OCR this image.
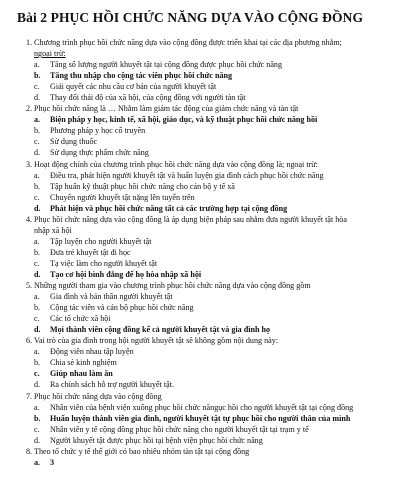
Bài 2 PHỤC HỒI CHỨC NĂNG DỰA VÀO CỘNG ĐỒNG
1. Chương trình phục hồi chức năng dựa vào cộng đồng được triển khai tại các địa phương nhằm;
ngoại trừ:
a. Tăng số lượng người khuyết tật tại cộng đồng được phục hồi chức năng
b. Tăng thu nhập cho cộng tác viên phục hồi chức năng
c. Giải quyết các nhu cầu cơ bản của người khuyết tật
d. Thay đổi thái độ của xã hội, của cộng đồng với người tàn tật
2. Phục hồi chức năng là … Nhằm làm giảm tác động của giảm chức năng và tàn tật
a. Biện pháp y học, kinh tế, xã hội, giáo dục, và kỹ thuật phục hồi chức năng hồi
b. Phương pháp y học cổ truyền
c. Sử dụng thuốc
d. Sử dụng thực phẩm chức năng
3. Hoạt động chính của chương trình phục hồi chức năng dựa vào cộng đồng là; ngoại trừ:
a. Điều tra, phát hiện người khuyết tật và huấn luyện gia đình cách phục hồi chức năng
b. Tập huấn kỹ thuật phục hồi chức năng cho cán bộ y tế xã
c. Chuyển người khuyết tật nặng lên tuyến trên
d. Phát hiện và phục hồi chức năng tất cả các trường hợp tại cộng đồng
4. Phục hồi chức năng dựa vào cộng đồng là áp dụng biện pháp sau nhằm đưa người khuyết tật hòa
nhập xã hội
a. Tập luyện cho người khuyết tật
b. Đưa trẻ khuyết tật đi học
c. Tạ việc làm cho người khuyết tật
d. Tạo cơ hội bình đẳng để họ hòa nhập xã hội
5. Những người tham gia vào chương trình phục hồi chức năng dựa vào cộng đồng gồm
a. Gia đình và bản thân người khuyết tật
b. Cộng tác viên và cán bộ phục hồi chức năng
c. Các tổ chức xã hội
d. Mọi thành viên cộng đồng kể cả người khuyết tật và gia đình họ
6. Vai trò của gia đình trong hội người khuyết tật sẽ không gồm nội dung này:
a. Động viên nhau tập luyện
b. Chia sẻ kinh nghiệm
c. Giúp nhau làm ăn
d. Ra chính sách hỗ trợ người khuyết tật.
7. Phục hồi chức năng dựa vào cộng đồng
a. Nhân viên của bệnh viện xuống phục hồi chức năngục hồi cho người khuyết tật tại cộng đồng
b. Huấn luyện thành viên gia đình, người khuyết tật tự phục hồi cho người thân của mình
c. Nhân viên y tế cộng đồng phục hồi chức năng cho người khuyết tật tại trạm y tế
d. Người khuyết tật được phục hồi tại bệnh viện phục hồi chức năng
8. Theo tổ chức y tế thế giới có bao nhiêu nhóm tàn tật tại cộng đồng
a. 3
